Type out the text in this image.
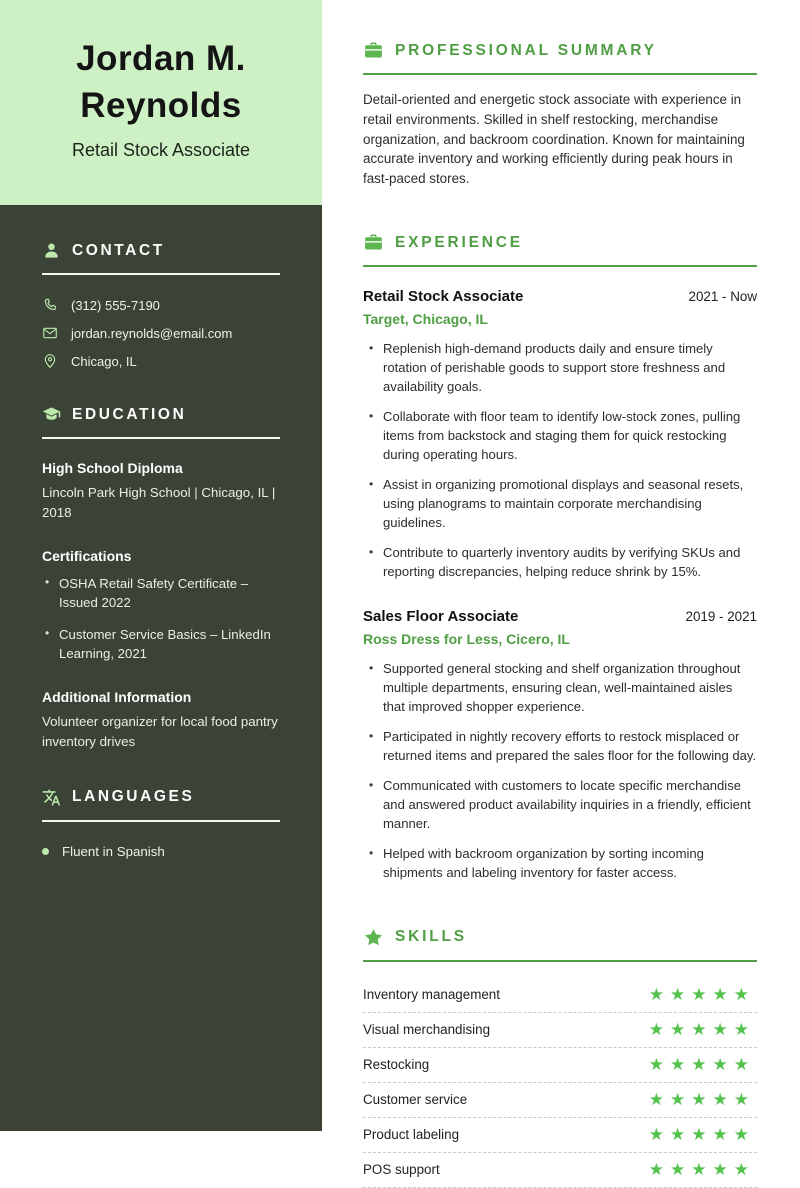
Jordan M. Reynolds
Retail Stock Associate
CONTACT
(312) 555-7190
jordan.reynolds@email.com
Chicago, IL
EDUCATION
High School Diploma
Lincoln Park High School | Chicago, IL | 2018
Certifications
• OSHA Retail Safety Certificate – Issued 2022
• Customer Service Basics – LinkedIn Learning, 2021
Additional Information
Volunteer organizer for local food pantry inventory drives
LANGUAGES
Fluent in Spanish
PROFESSIONAL SUMMARY

Detail-oriented and energetic stock associate with experience in retail environments. Skilled in shelf restocking, merchandise organization, and backroom coordination. Known for maintaining accurate inventory and working efficiently during peak hours in fast-paced stores.

EXPERIENCE
Retail Stock Associate	2021 - Now
Target, Chicago, IL
• Replenish high-demand products daily and ensure timely rotation of perishable goods to support store freshness and availability goals.
• Collaborate with floor team to identify low-stock zones, pulling items from backstock and staging them for quick restocking during operating hours.
• Assist in organizing promotional displays and seasonal resets, using planograms to maintain corporate merchandising guidelines.
• Contribute to quarterly inventory audits by verifying SKUs and reporting discrepancies, helping reduce shrink by 15%.
Sales Floor Associate	2019 - 2021
Ross Dress for Less, Cicero, IL
• Supported general stocking and shelf organization throughout multiple departments, ensuring clean, well-maintained aisles that improved shopper experience.
• Participated in nightly recovery efforts to restock misplaced or returned items and prepared the sales floor for the following day.
• Communicated with customers to locate specific merchandise and answered product availability inquiries in a friendly, efficient manner.
• Helped with backroom organization by sorting incoming shipments and labeling inventory for faster access.
SKILLS
Inventory management	★★★★★
Visual merchandising	★★★★★
Restocking	★★★★★
Customer service	★★★★★
Product labeling	★★★★★
POS support	★★★★★
